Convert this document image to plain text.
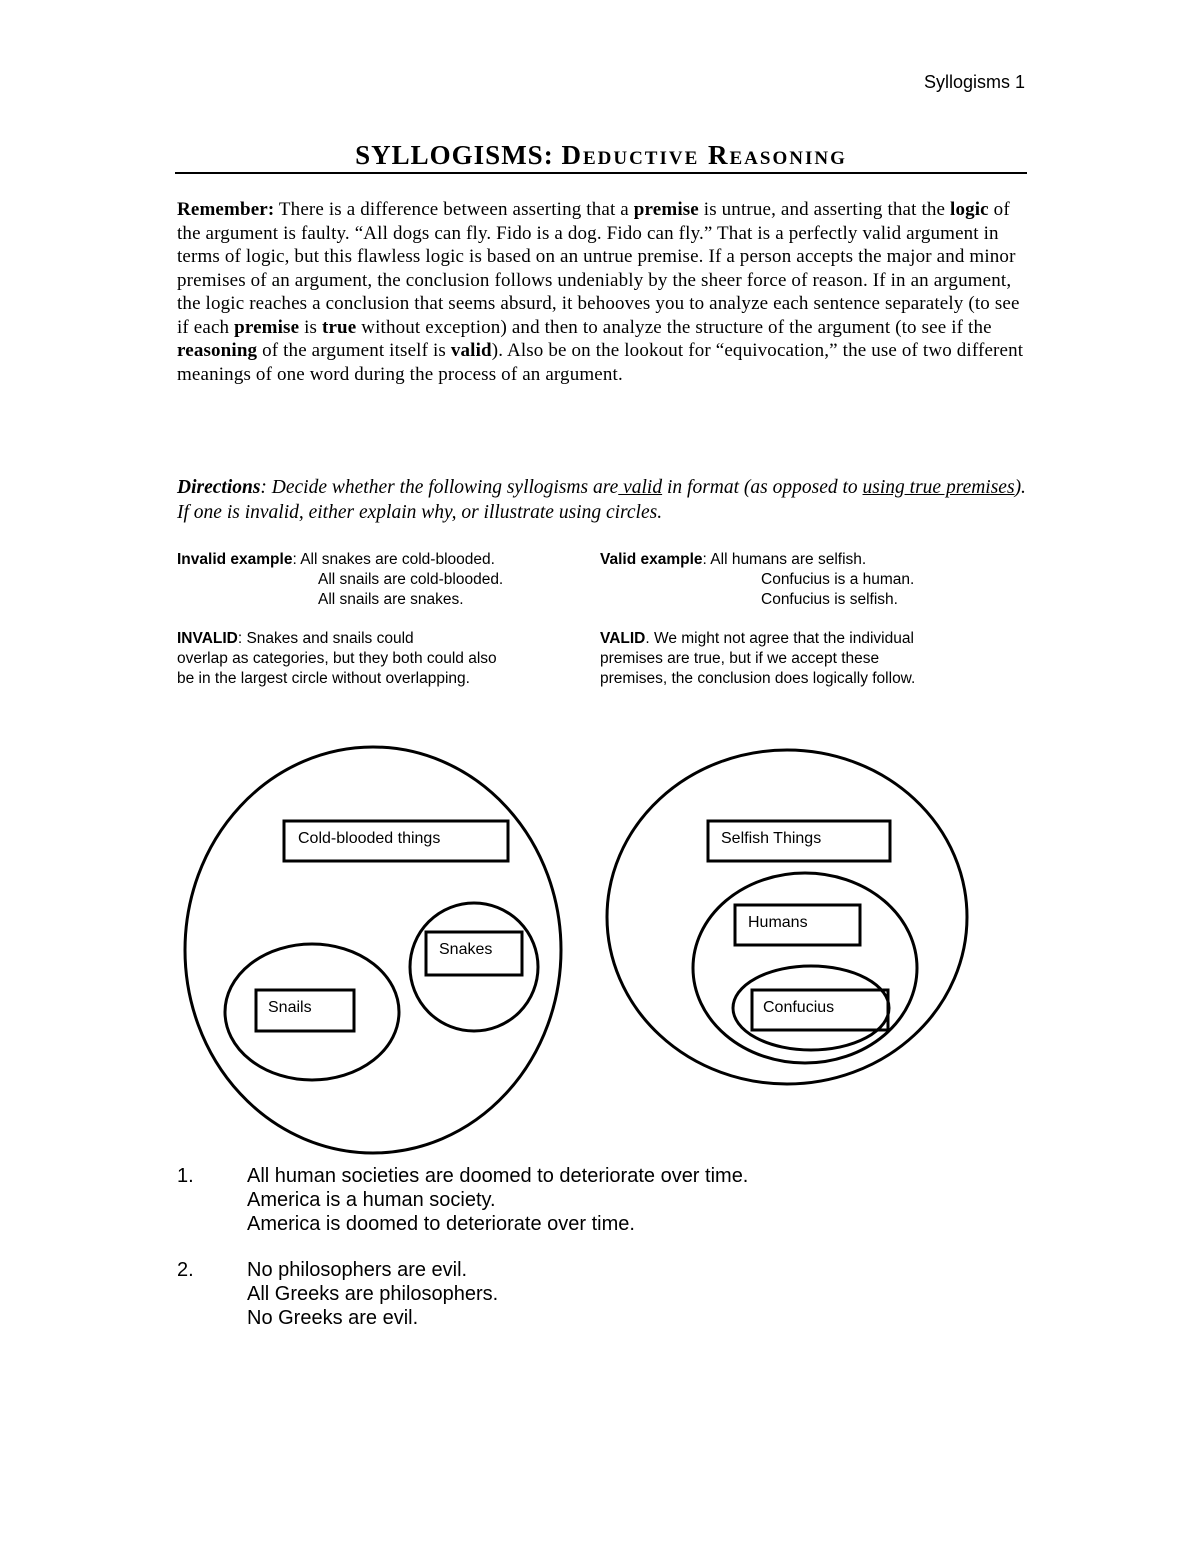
Syllogisms 1
SYLLOGISMS: Deductive Reasoning
Remember: There is a difference between asserting that a premise is untrue, and asserting that the logic of the argument is faulty. “All dogs can fly. Fido is a dog. Fido can fly.” That is a perfectly valid argument in terms of logic, but this flawless logic is based on an untrue premise. If a person accepts the major and minor premises of an argument, the conclusion follows undeniably by the sheer force of reason. If in an argument, the logic reaches a conclusion that seems absurd, it behooves you to analyze each sentence separately (to see if each premise is true without exception) and then to analyze the structure of the argument (to see if the reasoning of the argument itself is valid). Also be on the lookout for “equivocation,” the use of two different meanings of one word during the process of an argument.
Directions: Decide whether the following syllogisms are valid in format (as opposed to using true premises). If one is invalid, either explain why, or illustrate using circles.

Invalid example: All snakes are cold-blooded.

All snails are cold-blooded.

All snails are snakes.

INVALID: Snakes and snails could

overlap as categories, but they both could also

be in the largest circle without overlapping.

Valid example: All humans are selfish.

Confucius is a human.

Confucius is selfish.

VALID. We might not agree that the individual

premises are true, but if we accept these

premises, the conclusion does logically follow.

Cold-blooded things
Snakes
Snails
Selfish Things
Humans
Confucius
1.	All human societies are doomed to deteriorate over time.

America is a human society.

America is doomed to deteriorate over time.

2.	No philosophers are evil.

All Greeks are philosophers.

No Greeks are evil.
